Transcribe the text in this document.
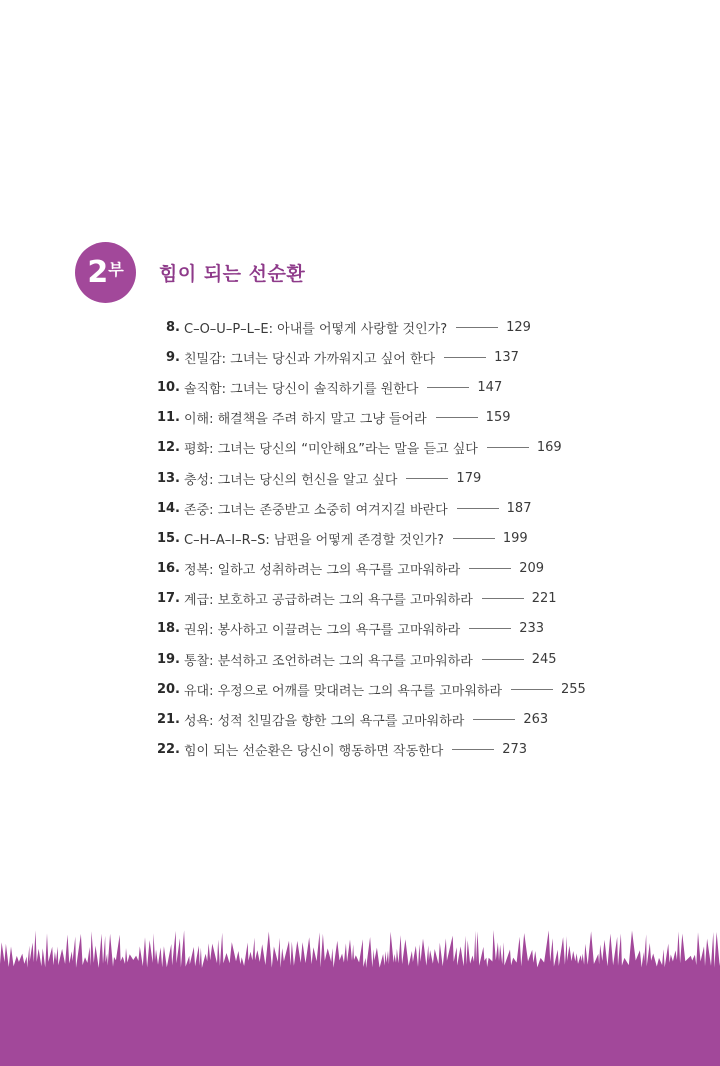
2 부 힘이 되는 선순환
8. C–O–U–P–L–E: 아내를 어떻게 사랑할 것인가?	129
9. 친밀감: 그녀는 당신과 가까워지고 싶어 한다	137
10. 솔직함: 그녀는 당신이 솔직하기를 원한다	147
11. 이해: 해결책을 주려 하지 말고 그냥 들어라	159
12. 평화: 그녀는 당신의 “미안해요”라는 말을 듣고 싶다	169
13. 충성: 그녀는 당신의 헌신을 알고 싶다	179
14. 존중: 그녀는 존중받고 소중히 여겨지길 바란다	187
15. C–H–A–I–R–S: 남편을 어떻게 존경할 것인가?	199
16. 정복: 일하고 성취하려는 그의 욕구를 고마워하라	209
17. 계급: 보호하고 공급하려는 그의 욕구를 고마워하라	221
18. 권위: 봉사하고 이끌려는 그의 욕구를 고마워하라	233
19. 통찰: 분석하고 조언하려는 그의 욕구를 고마워하라	245
20. 유대: 우정으로 어깨를 맞대려는 그의 욕구를 고마워하라	255
21. 성욕: 성적 친밀감을 향한 그의 욕구를 고마워하라	263
22. 힘이 되는 선순환은 당신이 행동하면 작동한다	273
